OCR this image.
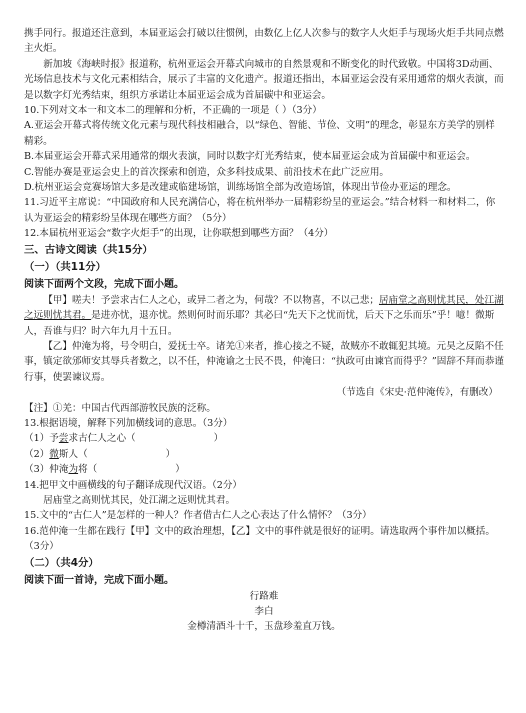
携手同行。报道还注意到，本届亚运会打破以往惯例，由数亿上亿人次参与的数字人火炬手与现场火炬手共同点燃主火炬。

新加坡《海峡时报》报道称，杭州亚运会开幕式向城市的自然景观和不断变化的时代致敬。中国将3D动画、光场信息技术与文化元素相结合，展示了丰富的文化遗产。报道还指出，本届亚运会没有采用通常的烟火表演，而是以数字灯光秀结束，组织方承诺让本届亚运会成为首届碳中和亚运会。

10.下列对文本一和文本二的理解和分析，不正确的一项是（ ）（3分）

A.亚运会开幕式将传统文化元素与现代科技相融合，以“绿色、智能、节俭、文明”的理念，彰显东方美学的别样精彩。

B.本届亚运会开幕式采用通常的烟火表演，同时以数字灯光秀结束，使本届亚运会成为首届碳中和亚运会。

C.智能办赛是亚运会史上的首次探索和创造，众多科技成果、前沿技术在此广泛应用。

D.杭州亚运会竞赛场馆大多是改建或临建场馆，训练场馆全部为改造场馆，体现出节俭办亚运的理念。

11.习近平主席说：“中国政府和人民充满信心，将在杭州举办一届精彩纷呈的亚运会。”结合材料一和材料二，你认为亚运会的精彩纷呈体现在哪些方面？（5分）

12.本届杭州亚运会“数字火炬手”的出现，让你联想到哪些方面？（4分）

三、古诗文阅读（共15分）

（一）（共11分）

阅读下面两个文段，完成下面小题。

【甲】嗟夫！予尝求古仁人之心，或异二者之为，何哉？不以物喜，不以己悲；居庙堂之高则忧其民，处江湖之远则忧其君。是进亦忧，退亦忧。然则何时而乐耶？其必曰“先天下之忧而忧，后天下之乐而乐”乎！噫！微斯人，吾谁与归？时六年九月十五日。

【乙】仲淹为将，号令明白，爱抚士卒。诸羌①来者，推心接之不疑，故贼亦不敢辄犯其境。元昊之反陷不任事，镇定欲邠师安其辱兵者数之，以不任，仲淹谕之士民不畏，仲淹曰：“执政可由谏官而得乎？”固辞不拜而恭谨行事，使罢谏议焉。

（节选自《宋史·范仲淹传》，有删改）

【注】①羌：中国古代西部游牧民族的泛称。

13.根据语境，解释下列加横线词的意思。（3分）

（1）予尝求古仁人之心（	）

（2）微斯人（	）

（3）仲淹为将（	）

14.把甲文中画横线的句子翻译成现代汉语。（2分）

居庙堂之高则忧其民，处江湖之远则忧其君。

15.文中的“古仁人”是怎样的一种人？作者借古仁人之心表达了什么情怀？（3分）

16.范仲淹一生都在践行【甲】文中的政治理想，【乙】文中的事件就是很好的证明。请选取两个事件加以概括。

（3分）

（二）（共4分）

阅读下面一首诗，完成下面小题。

行路难

李白

金樽清酒斗十千，玉盘珍羞直万钱。
